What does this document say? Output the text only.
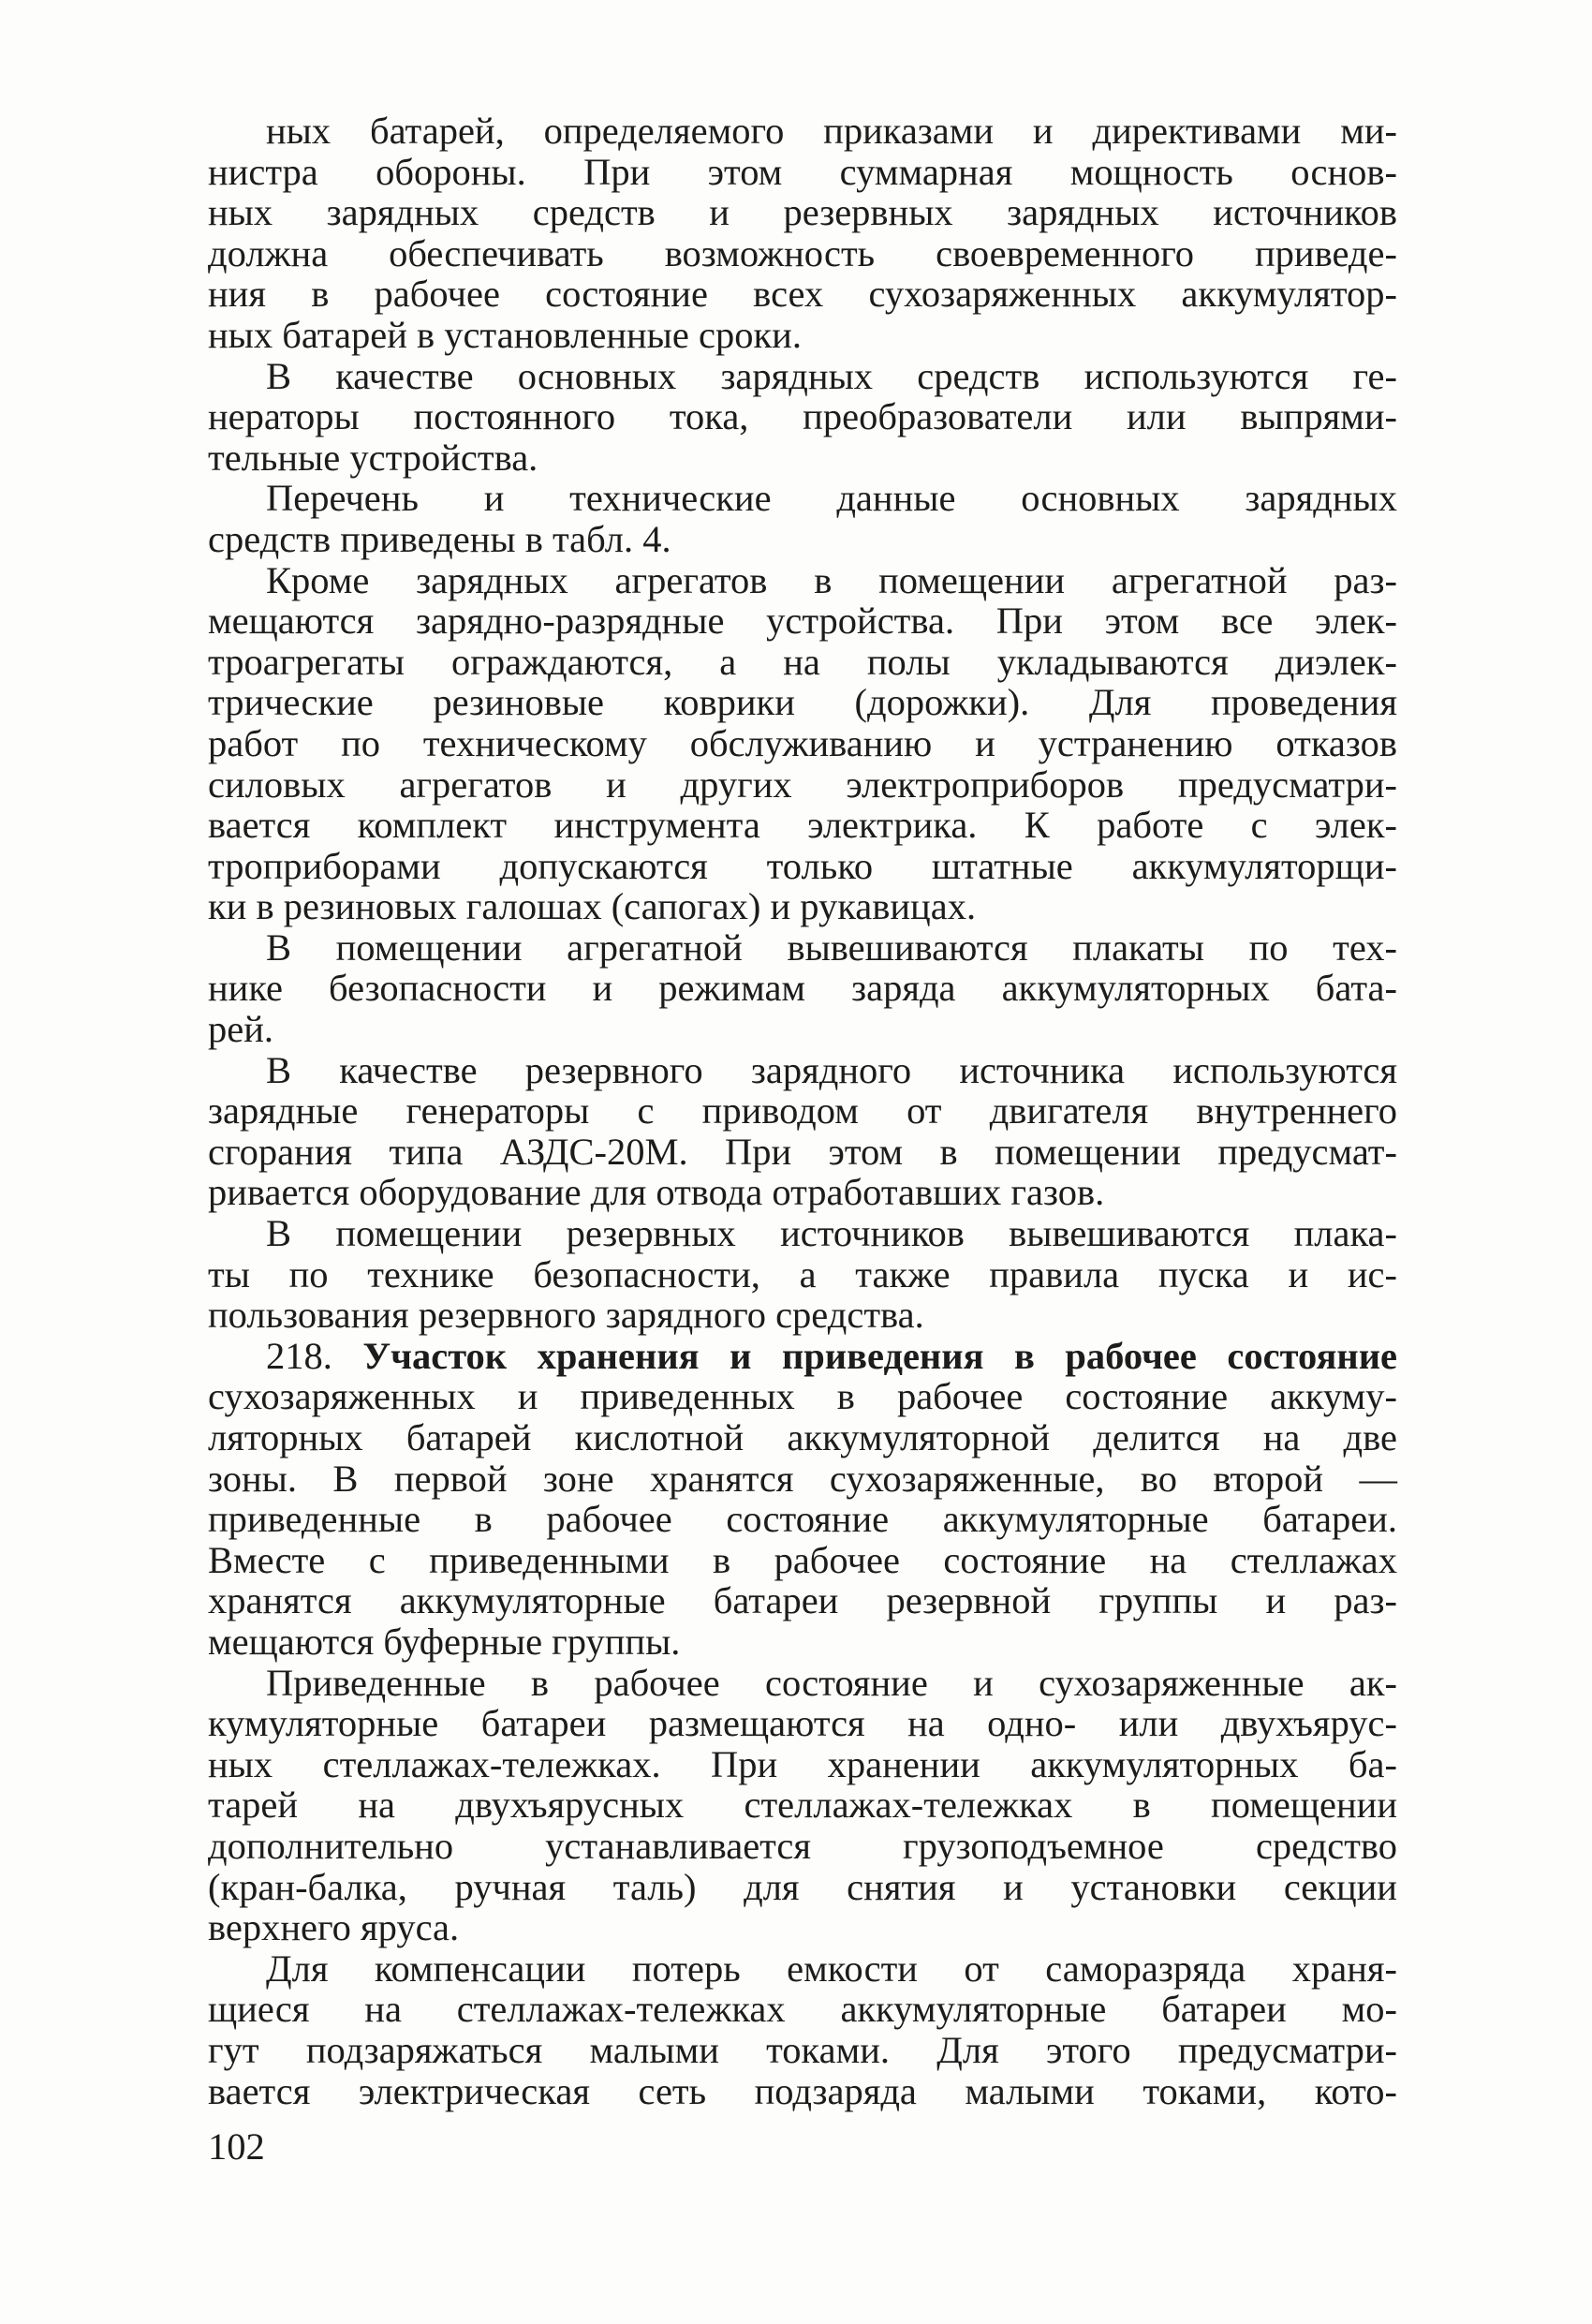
ных батарей, определяемого приказами и директивами ми-
нистра обороны. При этом суммарная мощность основ-
ных зарядных средств и резервных зарядных источников
должна обеспечивать возможность своевременного приведе-
ния в рабочее состояние всех сухозаряженных аккумулятор-
ных батарей в установленные сроки.
В качестве основных зарядных средств используются ге-
нераторы постоянного тока, преобразователи или выпрями-
тельные устройства.
Перечень и технические данные основных зарядных
средств приведены в табл. 4.
Кроме зарядных агрегатов в помещении агрегатной раз-
мещаются зарядно-разрядные устройства. При этом все элек-
троагрегаты ограждаются, а на полы укладываются диэлек-
трические резиновые коврики (дорожки). Для проведения
работ по техническому обслуживанию и устранению отказов
силовых агрегатов и других электроприборов предусматри-
вается комплект инструмента электрика. К работе с элек-
троприборами допускаются только штатные аккумуляторщи-
ки в резиновых галошах (сапогах) и рукавицах.
В помещении агрегатной вывешиваются плакаты по тех-
нике безопасности и режимам заряда аккумуляторных бата-
рей.
В качестве резервного зарядного источника используются
зарядные генераторы с приводом от двигателя внутреннего
сгорания типа АЗДС-20М. При этом в помещении предусмат-
ривается оборудование для отвода отработавших газов.
В помещении резервных источников вывешиваются плака-
ты по технике безопасности, а также правила пуска и ис-
пользования резервного зарядного средства.
218. Участок хранения и приведения в рабочее состояние
сухозаряженных и приведенных в рабочее состояние аккуму-
ляторных батарей кислотной аккумуляторной делится на две
зоны. В первой зоне хранятся сухозаряженные, во второй —
приведенные в рабочее состояние аккумуляторные батареи.
Вместе с приведенными в рабочее состояние на стеллажах
хранятся аккумуляторные батареи резервной группы и раз-
мещаются буферные группы.
Приведенные в рабочее состояние и сухозаряженные ак-
кумуляторные батареи размещаются на одно- или двухъярус-
ных стеллажах-тележках. При хранении аккумуляторных ба-
тарей на двухъярусных стеллажах-тележках в помещении
дополнительно устанавливается грузоподъемное средство
(кран-балка, ручная таль) для снятия и установки секции
верхнего яруса.
Для компенсации потерь емкости от саморазряда храня-
щиеся на стеллажах-тележках аккумуляторные батареи мо-
гут подзаряжаться малыми токами. Для этого предусматри-
вается электрическая сеть подзаряда малыми токами, кото-
102
